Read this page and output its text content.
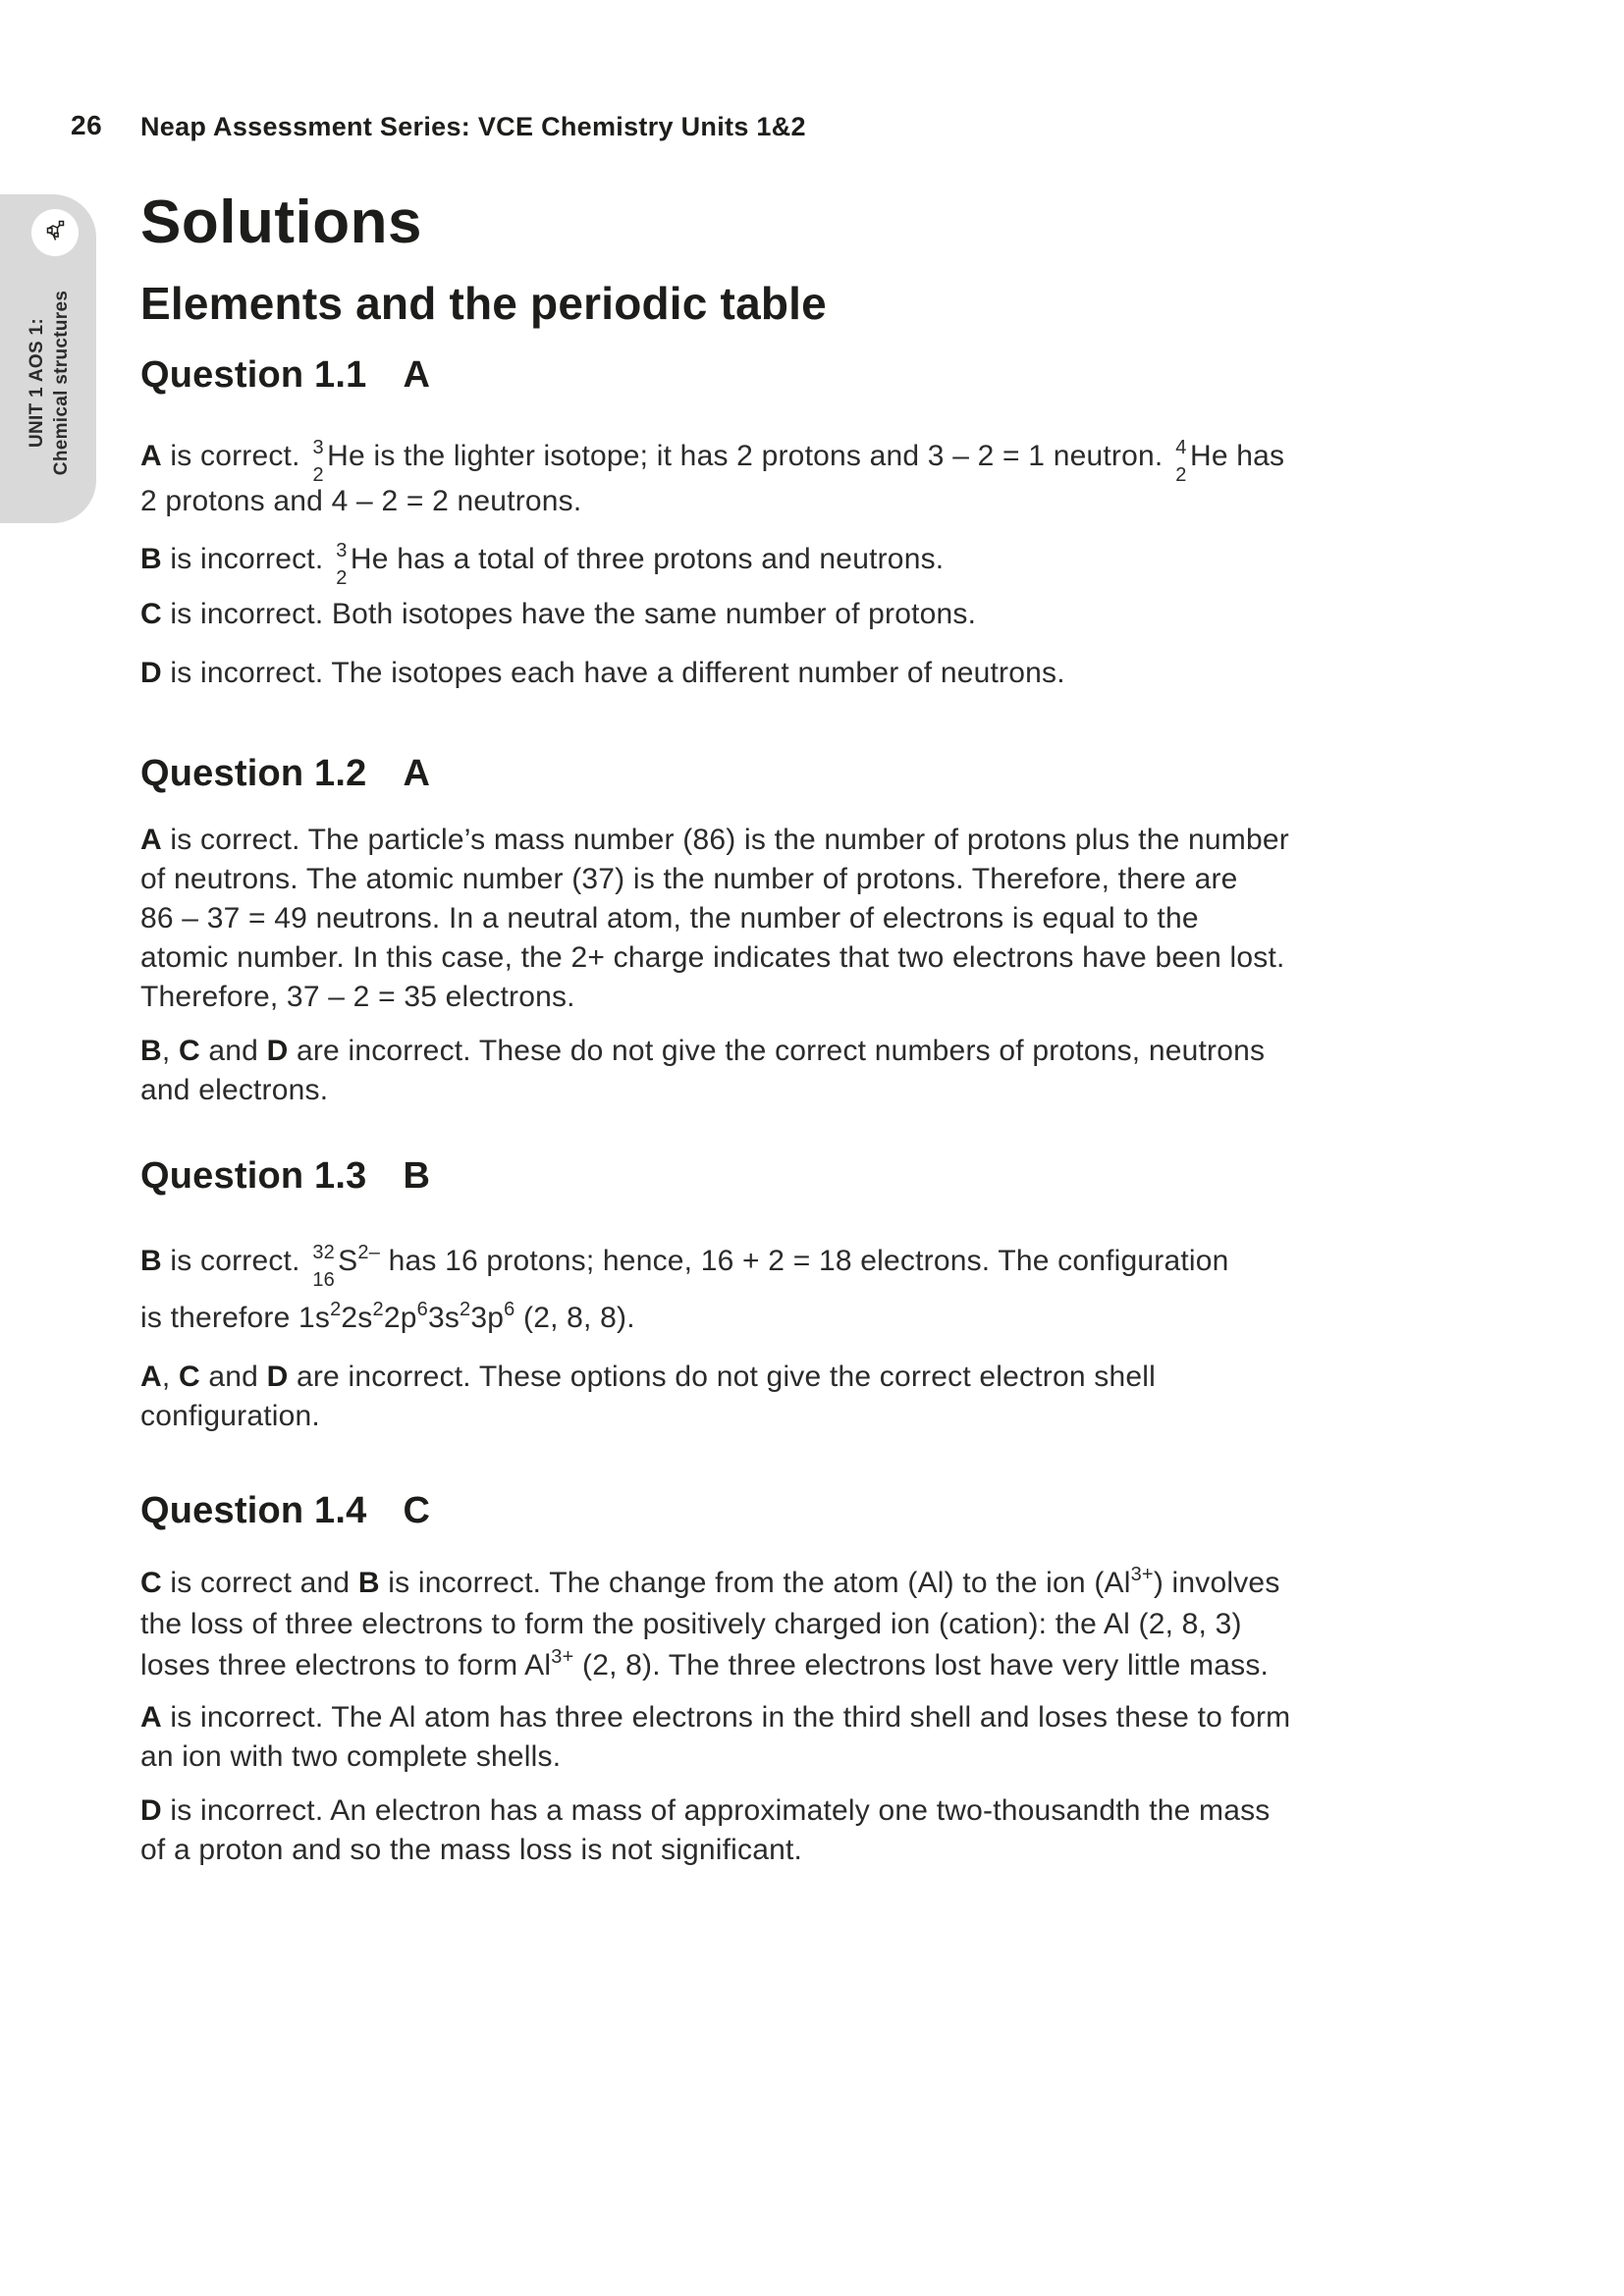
26 Neap Assessment Series: VCE Chemistry Units 1&2
UNIT 1 AOS 1: Chemical structures
Solutions
Elements and the periodic table
Question 1.1 A
A is correct. 3
2
He is the lighter isotope; it has 2 protons and 3 – 2 = 1 neutron. 4
2
He has
2 protons and 4 – 2 = 2 neutrons.
B is incorrect. 3
2
He has a total of three protons and neutrons.
C is incorrect. Both isotopes have the same number of protons.
D is incorrect. The isotopes each have a different number of neutrons.
Question 1.2 A
A is correct. The particle’s mass number (86) is the number of protons plus the number
of neutrons. The atomic number (37) is the number of protons. Therefore, there are
86 – 37 = 49 neutrons. In a neutral atom, the number of electrons is equal to the
atomic number. In this case, the 2+ charge indicates that two electrons have been lost.
Therefore, 37 – 2 = 35 electrons.
B, C and D are incorrect. These do not give the correct numbers of protons, neutrons
and electrons.
Question 1.3 B
B is correct. 32
16
$S^{2-}$ has 16 protons; hence, 16 + 2 = 18 electrons. The configuration
is therefore $1s^22s^22p^63s^23p^6$ (2, 8, 8).
A, C and D are incorrect. These options do not give the correct electron shell
configuration.
Question 1.4 C
C is correct and B is incorrect. The change from the atom (Al) to the ion $(Al^{3+})$ involves
the loss of three electrons to form the positively charged ion (cation): the Al (2, 8, 3)
loses three electrons to form $Al^{3+}$ (2, 8). The three electrons lost have very little mass.
A is incorrect. The Al atom has three electrons in the third shell and loses these to form
an ion with two complete shells.
D is incorrect. An electron has a mass of approximately one two-thousandth the mass
of a proton and so the mass loss is not significant.
